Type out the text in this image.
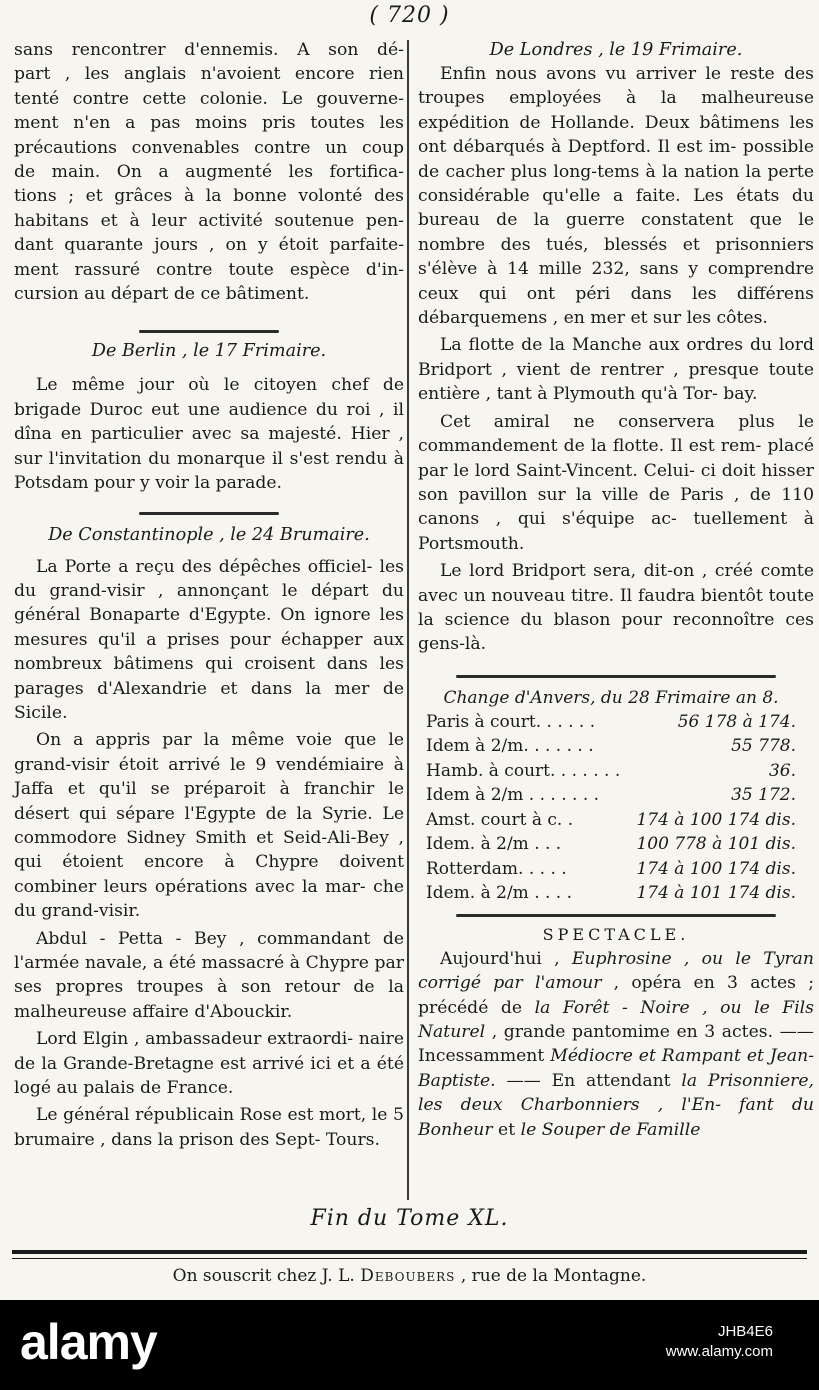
( 720 )

sans rencontrer d'ennemis. A son dé-

part , les anglais n'avoient encore rien

tenté contre cette colonie. Le gouverne-

ment n'en a pas moins pris toutes les

précautions convenables contre un coup

de main. On a augmenté les fortifica-

tions ; et grâces à la bonne volonté des

habitans et à leur activité soutenue pen-

dant quarante jours , on y étoit parfaite-

ment rassuré contre toute espèce d'in-

cursion au départ de ce bâtiment.

De Berlin , le 17 Frimaire.

Le même jour où le citoyen chef de brigade Duroc eut une audience du roi , il dîna en particulier avec sa majesté. Hier , sur l'invitation du monarque il s'est rendu à Potsdam pour y voir la parade.

De Constantinople , le 24 Brumaire.

La Porte a reçu des dépêches officiel- les du grand-visir , annonçant le départ du général Bonaparte d'Egypte. On ignore les mesures qu'il a prises pour échapper aux nombreux bâtimens qui croisent dans les parages d'Alexandrie et dans la mer de Sicile.

On a appris par la même voie que le grand-visir étoit arrivé le 9 vendémiaire à Jaffa et qu'il se préparoit à franchir le désert qui sépare l'Egypte de la Syrie. Le commodore Sidney Smith et Seid-Ali-Bey , qui étoient encore à Chypre doivent combiner leurs opérations avec la mar- che du grand-visir.

Abdul - Petta - Bey , commandant de l'armée navale, a été massacré à Chypre par ses propres troupes à son retour de la malheureuse affaire d'Abouckir.

Lord Elgin , ambassadeur extraordi- naire de la Grande-Bretagne est arrivé ici et a été logé au palais de France.

Le général républicain Rose est mort, le 5 brumaire , dans la prison des Sept- Tours.

De Londres , le 19 Frimaire.

Enfin nous avons vu arriver le reste des troupes employées à la malheureuse expédition de Hollande. Deux bâtimens les ont débarqués à Deptford. Il est im- possible de cacher plus long-tems à la nation la perte considérable qu'elle a faite. Les états du bureau de la guerre constatent que le nombre des tués, blessés et prisonniers s'élève à 14 mille 232, sans y comprendre ceux qui ont péri dans les différens débarquemens , en mer et sur les côtes.

La flotte de la Manche aux ordres du lord Bridport , vient de rentrer , presque toute entière , tant à Plymouth qu'à Tor- bay.

Cet amiral ne conservera plus le commandement de la flotte. Il est rem- placé par le lord Saint-Vincent. Celui- ci doit hisser son pavillon sur la ville de Paris , de 110 canons , qui s'équipe ac- tuellement à Portsmouth.

Le lord Bridport sera, dit-on , créé comte avec un nouveau titre. Il faudra bientôt toute la science du blason pour reconnoître ces gens-là.

Change d'Anvers, du 28 Frimaire an 8.
Paris à court. . . . . .	56 178 à 174.
Idem à 2/m. . . . . . .	55 778.
Hamb. à court. . . . . . .	36.
Idem à 2/m . . . . . . .	35 172.
Amst. court à c. .	174 à 100 174 dis.
Idem. à 2/m . . .	100 778 à 101 dis.
Rotterdam. . . . .	174 à 100 174 dis.
Idem. à 2/m . . . .	174 à 101 174 dis.

SPECTACLE.

Aujourd'hui , Euphrosine , ou le Tyran corrigé par l'amour , opéra en 3 actes ; précédé de la Forêt - Noire , ou le Fils Naturel , grande pantomime en 3 actes. —— Incessamment Médiocre et Rampant et Jean-Baptiste. —— En attendant la Prisonniere, les deux Charbonniers , l'En- fant du Bonheur et le Souper de Famille

Fin du Tome XL.
On souscrit chez J. L. Deboubers , rue de la Montagne.
alamy	JHB4E6
www.alamy.com
